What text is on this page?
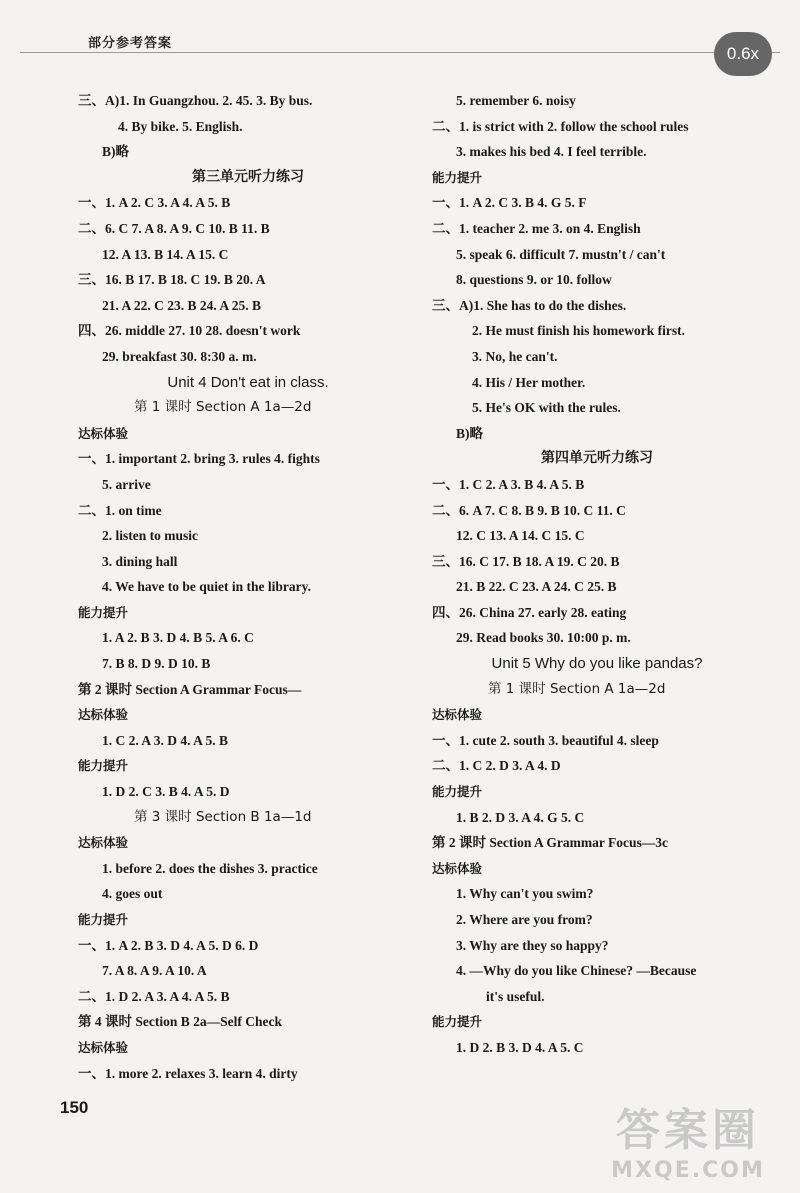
部分参考答案
0.6x
三、A)1. In Guangzhou. 2. 45. 3. By bus.
4. By bike. 5. English.
B)略
第三单元听力练习
一、1. A 2. C 3. A 4. A 5. B
二、6. C 7. A 8. A 9. C 10. B 11. B
12. A 13. B 14. A 15. C
三、16. B 17. B 18. C 19. B 20. A
21. A 22. C 23. B 24. A 25. B
四、26. middle 27. 10 28. doesn't work
29. breakfast 30. 8:30 a. m.
Unit 4 Don't eat in class.
第 1 课时 Section A 1a—2d
达标体验
一、1. important 2. bring 3. rules 4. fights
5. arrive
二、1. on time
2. listen to music
3. dining hall
4. We have to be quiet in the library.
能力提升
1. A 2. B 3. D 4. B 5. A 6. C
7. B 8. D 9. D 10. B
第 2 课时 Section A Grammar Focus—
达标体验
1. C 2. A 3. D 4. A 5. B
能力提升
1. D 2. C 3. B 4. A 5. D
第 3 课时 Section B 1a—1d
达标体验
1. before 2. does the dishes 3. practice
4. goes out
能力提升
一、1. A 2. B 3. D 4. A 5. D 6. D
7. A 8. A 9. A 10. A
二、1. D 2. A 3. A 4. A 5. B
第 4 课时 Section B 2a—Self Check
达标体验
一、1. more 2. relaxes 3. learn 4. dirty
5. remember 6. noisy
二、1. is strict with 2. follow the school rules
3. makes his bed 4. I feel terrible.
能力提升
一、1. A 2. C 3. B 4. G 5. F
二、1. teacher 2. me 3. on 4. English
5. speak 6. difficult 7. mustn't / can't
8. questions 9. or 10. follow
三、A)1. She has to do the dishes.
2. He must finish his homework first.
3. No, he can't.
4. His / Her mother.
5. He's OK with the rules.
B)略
第四单元听力练习
一、1. C 2. A 3. B 4. A 5. B
二、6. A 7. C 8. B 9. B 10. C 11. C
12. C 13. A 14. C 15. C
三、16. C 17. B 18. A 19. C 20. B
21. B 22. C 23. A 24. C 25. B
四、26. China 27. early 28. eating
29. Read books 30. 10:00 p. m.
Unit 5 Why do you like pandas?
第 1 课时 Section A 1a—2d
达标体验
一、1. cute 2. south 3. beautiful 4. sleep
二、1. C 2. D 3. A 4. D
能力提升
1. B 2. D 3. A 4. G 5. C
第 2 课时 Section A Grammar Focus—3c
达标体验
1. Why can't you swim?
2. Where are you from?
3. Why are they so happy?
4. —Why do you like Chinese? —Because
it's useful.
能力提升
1. D 2. B 3. D 4. A 5. C
150	答案圈
MXQE.COM
